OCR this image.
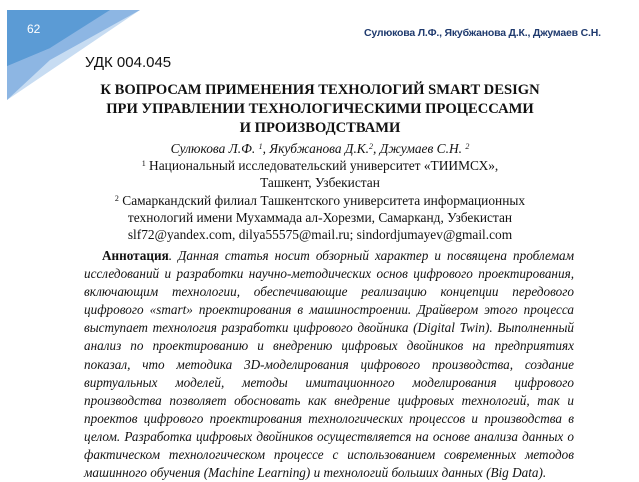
62	Сулюкова Л.Ф., Якубжанова Д.К., Джумаев С.Н.
УДК 004.045
К ВОПРОСАМ ПРИМЕНЕНИЯ ТЕХНОЛОГИЙ SMART DESIGN
ПРИ УПРАВЛЕНИИ ТЕХНОЛОГИЧЕСКИМИ ПРОЦЕССАМИ
И ПРОИЗВОДСТВАМИ
Сулюкова Л.Ф. $^1$, Якубжанова Д.К.$^2$, Джумаев С.Н. $^2$
$^1$ Национальный исследовательский университет «ТИИМСХ»,
Ташкент, Узбекистан
$^2$ Самаркандский филиал Ташкентского университета информационных
технологий имени Мухаммада ал-Хорезми, Самарканд, Узбекистан
slf72@yandex.com, dilya55575@mail.ru; sindordjumayev@gmail.com
Аннотация. Данная статья носит обзорный характер и посвящена проблемам исследований и разработки научно-методических основ цифрового проектирования, включающим технологии, обеспечивающие реализацию концепции передового цифрового «smart» проектирования в машиностроении. Драйвером этого процесса выступает технология разработки цифрового двойника (Digital Twin). Выполненный анализ по проектированию и внедрению цифровых двойников на предприятиях показал, что методика 3D-моделирования цифрового производства, создание виртуальных моделей, методы имитационного моделирования цифрового производства позволяет обосновать как внедрение цифровых технологий, так и проектов цифрового проектирования технологических процессов и производства в целом. Разработка цифровых двойников осуществляется на основе анализа данных о фактическом технологическом процессе с использованием современных методов машинного обучения (Machine Learning) и технологий больших данных (Big Data).
